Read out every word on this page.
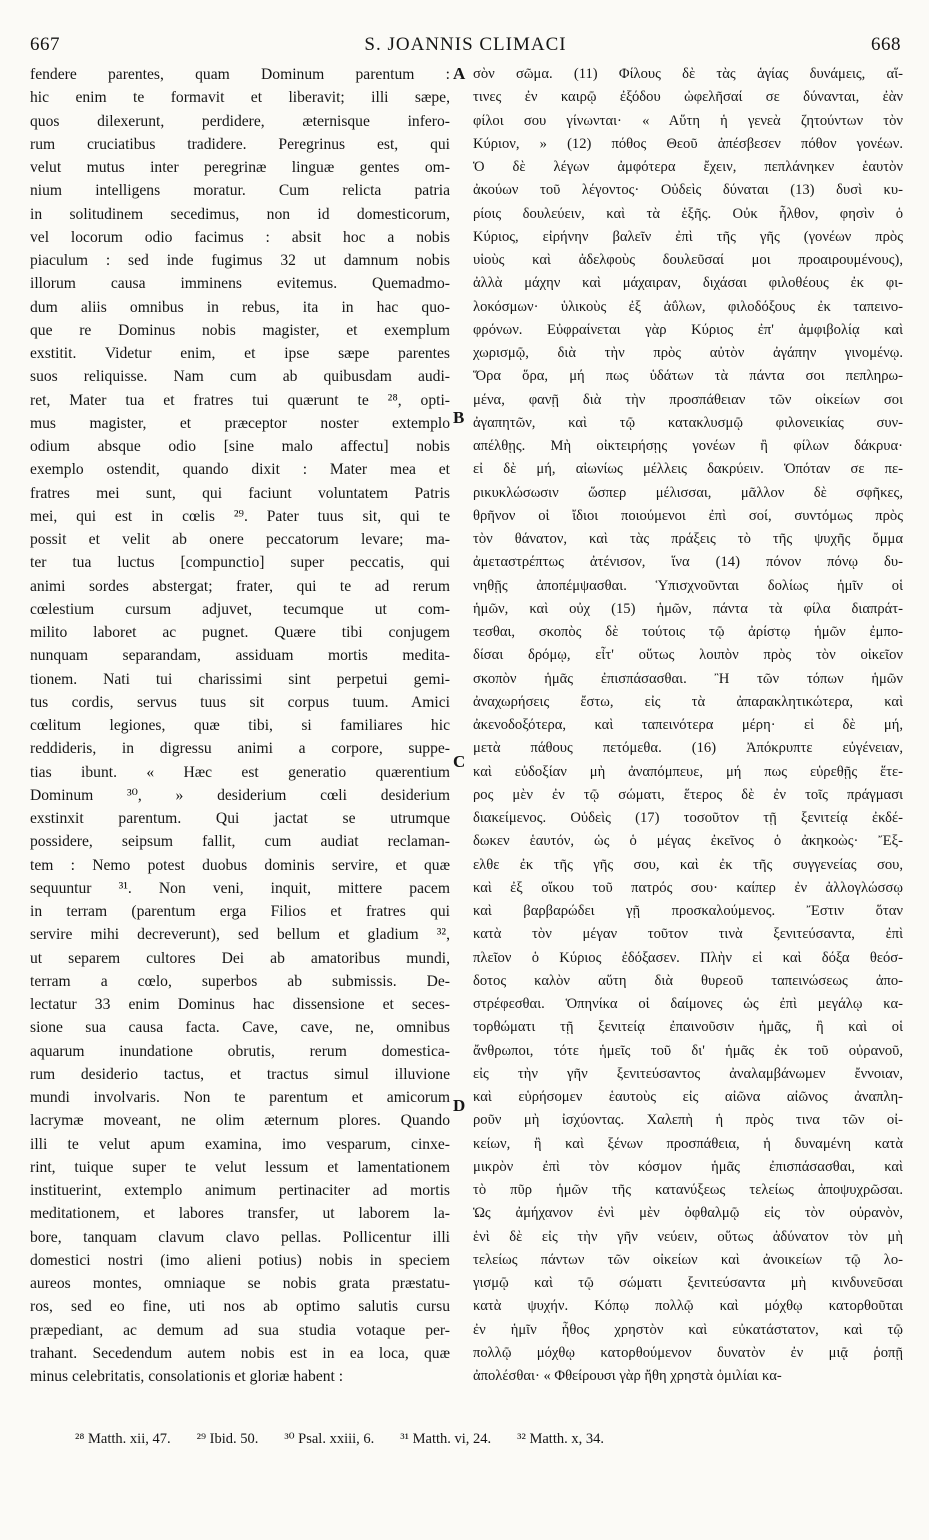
667	S. JOANNIS CLIMACI	668
fendere parentes, quam Dominum parentum :
hic enim te formavit et liberavit; illi sæpe,
quos dilexerunt, perdidere, æternisque infero-
rum cruciatibus tradidere. Peregrinus est, qui
velut mutus inter peregrinæ linguæ gentes om-
nium intelligens moratur. Cum relicta patria
in solitudinem secedimus, non id domesticorum,
vel locorum odio facimus : absit hoc a nobis
piaculum : sed inde fugimus 32 ut damnum nobis
illorum causa imminens evitemus. Quemadmo-
dum aliis omnibus in rebus, ita in hac quo-
que re Dominus nobis magister, et exemplum
exstitit. Videtur enim, et ipse sæpe parentes
suos reliquisse. Nam cum ab quibusdam audi-
ret, Mater tua et fratres tui quærunt te ²⁸, opti-
mus magister, et præceptor noster extemplo
odium absque odio [sine malo affectu] nobis
exemplo ostendit, quando dixit : Mater mea et
fratres mei sunt, qui faciunt voluntatem Patris
mei, qui est in cœlis ²⁹. Pater tuus sit, qui te
possit et velit ab onere peccatorum levare; ma-
ter tua luctus [compunctio] super peccatis, qui
animi sordes abstergat; frater, qui te ad rerum
cœlestium cursum adjuvet, tecumque ut com-
milito laboret ac pugnet. Quære tibi conjugem
nunquam separandam, assiduam mortis medita-
tionem. Nati tui charissimi sint perpetui gemi-
tus cordis, servus tuus sit corpus tuum. Amici
cœlitum legiones, quæ tibi, si familiares hic
reddideris, in digressu animi a corpore, suppe-
tias ibunt. « Hæc est generatio quærentium
Dominum ³⁰, » desiderium cœli desiderium
exstinxit parentum. Qui jactat se utrumque
possidere, seipsum fallit, cum audiat reclaman-
tem : Nemo potest duobus dominis servire, et quæ
sequuntur ³¹. Non veni, inquit, mittere pacem
in terram (parentum erga Filios et fratres qui
servire mihi decreverunt), sed bellum et gladium ³²,
ut separem cultores Dei ab amatoribus mundi,
terram a cœlo, superbos ab submissis. De-
lectatur 33 enim Dominus hac dissensione et seces-
sione sua causa facta. Cave, cave, ne, omnibus
aquarum inundatione obrutis, rerum domestica-
rum desiderio tactus, et tractus simul illuvione
mundi involvaris. Non te parentum et amicorum
lacrymæ moveant, ne olim æternum plores. Quando
illi te velut apum examina, imo vesparum, cinxe-
rint, tuique super te velut lessum et lamentationem
instituerint, extemplo animum pertinaciter ad mortis
meditationem, et labores transfer, ut laborem la-
bore, tanquam clavum clavo pellas. Pollicentur illi
domestici nostri (imo alieni potius) nobis in speciem
aureos montes, omniaque se nobis grata præstatu-
ros, sed eo fine, uti nos ab optimo salutis cursu
præpediant, ac demum ad sua studia votaque per-
trahant. Secedendum autem nobis est in ea loca, quæ
minus celebritatis, consolationis et gloriæ habent :
σὸν σῶμα. (11) Φίλους δὲ τὰς ἁγίας δυνάμεις, αἵ-
τινες ἐν καιρῷ ἐξόδου ὠφελῆσαί σε δύνανται, ἐὰν
φίλοι σου γίνωνται· « Αὕτη ἡ γενεὰ ζητούντων τὸν
Κύριον, » (12) πόθος Θεοῦ ἀπέσβεσεν πόθον γονέων.
Ὁ δὲ λέγων ἀμφότερα ἔχειν, πεπλάνηκεν ἑαυτὸν
ἀκούων τοῦ λέγοντος· Οὐδεὶς δύναται (13) δυσὶ κυ-
ρίοις δουλεύειν, καὶ τὰ ἑξῆς. Οὐκ ἦλθον, φησὶν ὁ
Κύριος, εἰρήνην βαλεῖν ἐπὶ τῆς γῆς (γονέων πρὸς
υἱοὺς καὶ ἀδελφοὺς δουλεῦσαί μοι προαιρουμένους),
ἀλλὰ μάχην καὶ μάχαιραν, διχάσαι φιλοθέους ἐκ φι-
λοκόσμων· ὑλικοὺς ἐξ ἀΰλων, φιλοδόξους ἐκ ταπεινο-
φρόνων. Εὐφραίνεται γὰρ Κύριος ἐπ' ἀμφιβολίᾳ καὶ
χωρισμῷ, διὰ τὴν πρὸς αὐτὸν ἀγάπην γινομένῳ.
Ὅρα ὅρα, μή πως ὑδάτων τὰ πάντα σοι πεπληρω-
μένα, φανῇ διὰ τὴν προσπάθειαν τῶν οἰκείων σοι
ἀγαπητῶν, καὶ τῷ κατακλυσμῷ φιλονεικίας συν-
απέλθῃς. Μὴ οἰκτειρήσῃς γονέων ἢ φίλων δάκρυα·
εἰ δὲ μή, αἰωνίως μέλλεις δακρύειν. Ὁπόταν σε πε-
ρικυκλώσωσιν ὥσπερ μέλισσαι, μᾶλλον δὲ σφῆκες,
θρῆνον οἱ ἴδιοι ποιούμενοι ἐπὶ σοί, συντόμως πρὸς
τὸν θάνατον, καὶ τὰς πράξεις τὸ τῆς ψυχῆς ὄμμα
ἀμεταστρέπτως ἀτένισον, ἵνα (14) πόνον πόνῳ δυ-
νηθῇς ἀποπέμψασθαι. Ὑπισχνοῦνται δολίως ἡμῖν οἱ
ἡμῶν, καὶ οὐχ (15) ἡμῶν, πάντα τὰ φίλα διαπράτ-
τεσθαι, σκοπὸς δὲ τούτοις τῷ ἀρίστῳ ἡμῶν ἐμπο-
δίσαι δρόμῳ, εἶτ' οὕτως λοιπὸν πρὸς τὸν οἰκεῖον
σκοπὸν ἡμᾶς ἐπισπάσασθαι. Ἢ τῶν τόπων ἡμῶν
ἀναχωρήσεις ἔστω, εἰς τὰ ἀπαρακλητικώτερα, καὶ
ἀκενοδοξότερα, καὶ ταπεινότερα μέρη· εἰ δὲ μή,
μετὰ πάθους πετόμεθα. (16) Ἀπόκρυπτε εὐγένειαν,
καὶ εὐδοξίαν μὴ ἀναπόμπευε, μή πως εὑρεθῇς ἕτε-
ρος μὲν ἐν τῷ σώματι, ἕτερος δὲ ἐν τοῖς πράγμασι
διακείμενος. Οὐδεὶς (17) τοσοῦτον τῇ ξενιτείᾳ ἐκδέ-
δωκεν ἑαυτόν, ὡς ὁ μέγας ἐκεῖνος ὁ ἀκηκοὼς· Ἔξ-
ελθε ἐκ τῆς γῆς σου, καὶ ἐκ τῆς συγγενείας σου,
καὶ ἐξ οἴκου τοῦ πατρός σου· καίπερ ἐν ἀλλογλώσσῳ
καὶ βαρβαρώδει γῇ προσκαλούμενος. Ἔστιν ὅταν
κατὰ τὸν μέγαν τοῦτον τινὰ ξενιτεύσαντα, ἐπὶ
πλεῖον ὁ Κύριος ἐδόξασεν. Πλὴν εἰ καὶ δόξα θεόσ-
δοτος καλὸν αὕτη διὰ θυρεοῦ ταπεινώσεως ἀπο-
στρέφεσθαι. Ὁπηνίκα οἱ δαίμονες ὡς ἐπὶ μεγάλῳ κα-
τορθώματι τῇ ξενιτείᾳ ἐπαινοῦσιν ἡμᾶς, ἢ καὶ οἱ
ἄνθρωποι, τότε ἡμεῖς τοῦ δι' ἡμᾶς ἐκ τοῦ οὐρανοῦ,
εἰς τὴν γῆν ξενιτεύσαντος ἀναλαμβάνωμεν ἔννοιαν,
καὶ εὑρήσομεν ἑαυτοὺς εἰς αἰῶνα αἰῶνος ἀναπλη-
ροῦν μὴ ἰσχύοντας. Χαλεπὴ ἡ πρὸς τινα τῶν οἰ-
κείων, ἢ καὶ ξένων προσπάθεια, ἡ δυναμένη κατὰ
μικρὸν ἐπὶ τὸν κόσμον ἡμᾶς ἐπισπάσασθαι, καὶ
τὸ πῦρ ἡμῶν τῆς κατανύξεως τελείως ἀποψυχρῶσαι.
Ὡς ἀμήχανον ἐνὶ μὲν ὀφθαλμῷ εἰς τὸν οὐρανὸν,
ἑνὶ δὲ εἰς τὴν γῆν νεύειν, οὕτως ἀδύνατον τὸν μὴ
τελείως πάντων τῶν οἰκείων καὶ ἀνοικείων τῷ λο-
γισμῷ καὶ τῷ σώματι ξενιτεύσαντα μὴ κινδυνεῦσαι
κατὰ ψυχήν. Κόπῳ πολλῷ καὶ μόχθῳ κατορθοῦται
ἐν ἡμῖν ἦθος χρηστὸν καὶ εὐκατάστατον, καὶ τῷ
πολλῷ μόχθῳ κατορθούμενον δυνατὸν ἐν μιᾷ ῥοπῇ
ἀπολέσθαι· « Φθείρουσι γὰρ ἤθη χρηστὰ ὁμιλίαι κα-
A
B
C
D
²⁸ Matth. xii, 47. ²⁹ Ibid. 50. ³⁰ Psal. xxiii, 6. ³¹ Matth. vi, 24. ³² Matth. x, 34.
